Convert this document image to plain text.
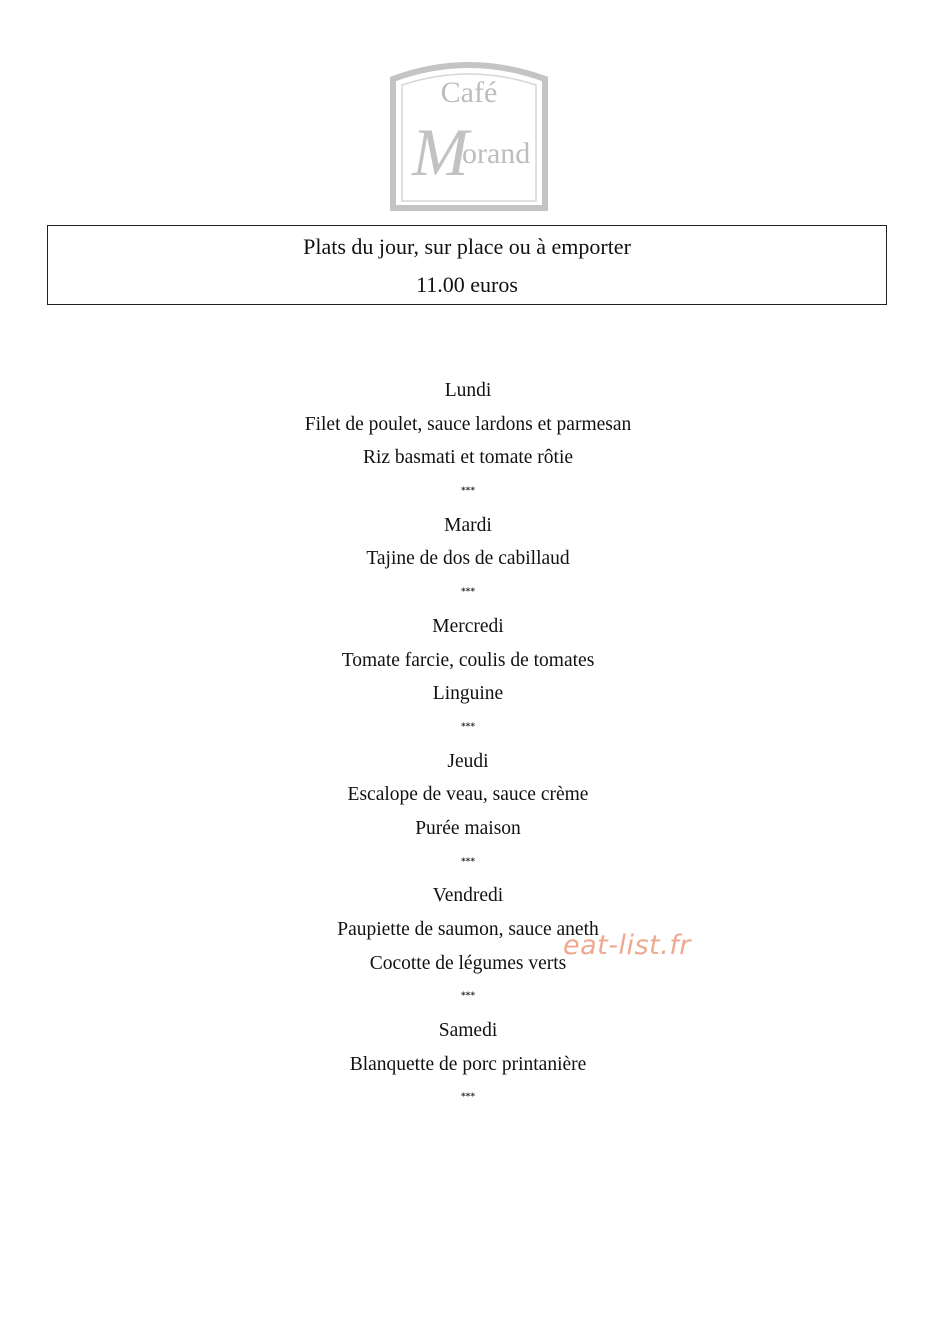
Café
M
orand
Plats du jour, sur place ou à emporter
11.00 euros
Lundi
Filet de poulet, sauce lardons et parmesan
Riz basmati et tomate rôtie
***
Mardi
Tajine de dos de cabillaud
***
Mercredi
Tomate farcie, coulis de tomates
Linguine
***
Jeudi
Escalope de veau, sauce crème
Purée maison
***
Vendredi
Paupiette de saumon, sauce aneth
Cocotte de légumes verts
***
Samedi
Blanquette de porc printanière
***
eat-list.fr
